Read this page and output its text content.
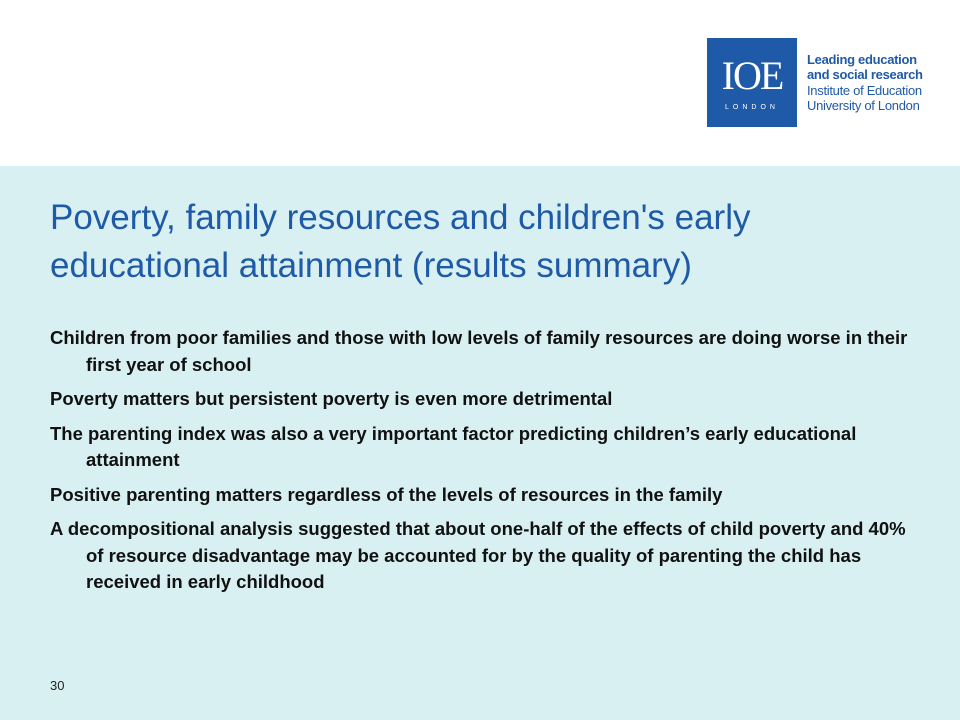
IOE
LONDON
Leading education
and social research
Institute of Education
University of London
Poverty, family resources and children's early educational attainment (results summary)
Children from poor families and those with low levels of family resources are doing worse in their first year of school
Poverty matters but persistent poverty is even more detrimental
The parenting index was also a very important factor predicting children’s early educational attainment
Positive parenting matters regardless of the levels of resources in the family
A decompositional analysis suggested that about one-half of the effects of child poverty and 40% of resource disadvantage may be accounted for by the quality of parenting the child has received in early childhood
30
